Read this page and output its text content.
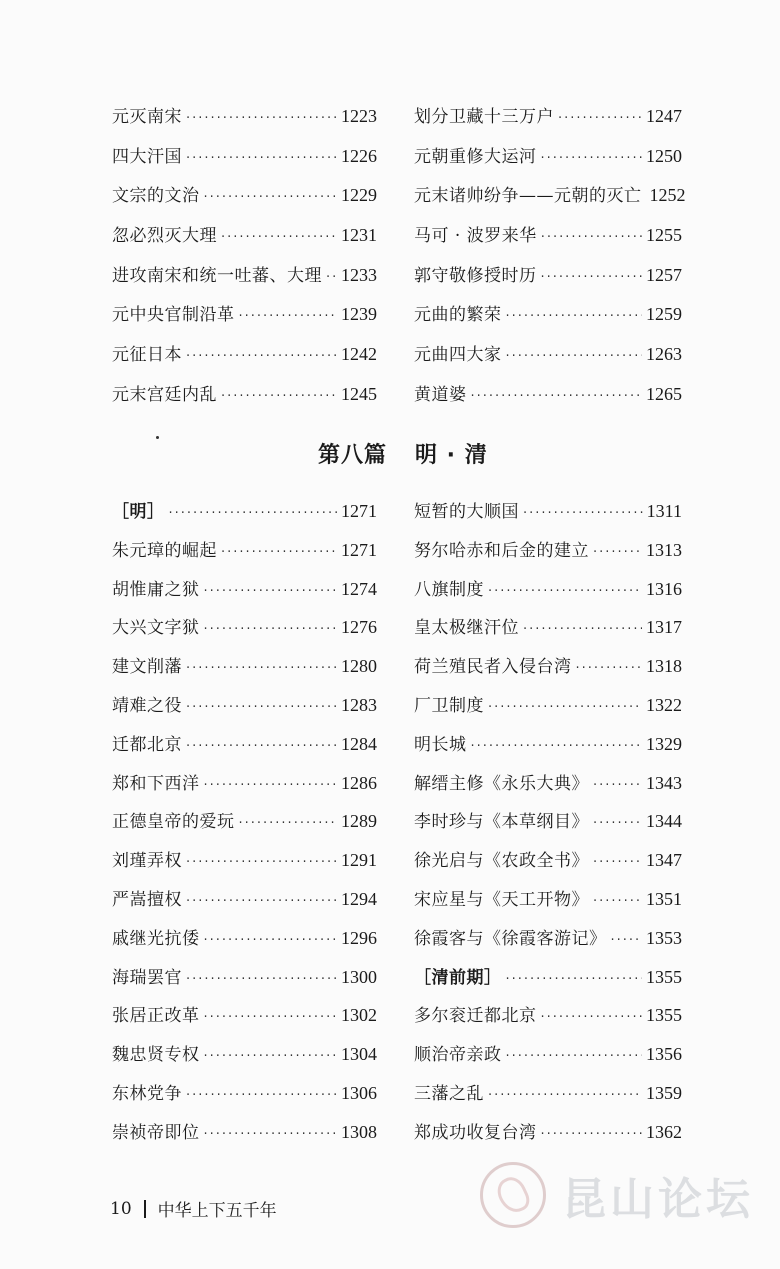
元灭南宋 ·····	1223
四大汗国 ·····	1226
文宗的文治 ·····	1229
忽必烈灭大理 ·····	1231
进攻南宋和统一吐蕃、大理 ····· 1233
元中央官制沿革 ·····	1239
元征日本 ·····	1242
元末宫廷内乱 ·····	1245
划分卫藏十三万户 ·····	1247
元朝重修大运河 ·····	1250
元末诸帅纷争——元朝的灭亡 1252
马可 · 波罗来华 ·····	1255
郭守敬修授时历 ·····	1257
元曲的繁荣 ·····	1259
元曲四大家 ·····	1263
黄道婆 ·····	1265
第八篇 明 · 清
［明］ ·····	1271
朱元璋的崛起 ·····	1271
胡惟庸之狱 ·····	1274
大兴文字狱 ·····	1276
建文削藩 ·····	1280
靖难之役 ·····	1283
迁都北京 ·····	1284
郑和下西洋 ·····	1286
正德皇帝的爱玩 ·····	1289
刘瑾弄权 ·····	1291
严嵩擅权 ·····	1294
戚继光抗倭 ·····	1296
海瑞罢官 ·····	1300
张居正改革 ·····	1302
魏忠贤专权 ·····	1304
东林党争 ·····	1306
崇祯帝即位 ·····	1308
短暂的大顺国 ·····	1311
努尔哈赤和后金的建立 ·····	1313
八旗制度 ·····	1316
皇太极继汗位 ·····	1317
荷兰殖民者入侵台湾 ·····	1318
厂卫制度 ·····	1322
明长城 ·····	1329
解缙主修《永乐大典》 ·····	1343
李时珍与《本草纲目》 ·····	1344
徐光启与《农政全书》 ·····	1347
宋应星与《天工开物》 ·····	1351
徐霞客与《徐霞客游记》 ····· 1353
［清前期］ ·····	1355
多尔衮迁都北京 ·····	1355
顺治帝亲政 ·····	1356
三藩之乱 ·····	1359
郑成功收复台湾 ·····	1362
10 中华上下五千年	昆山论坛
